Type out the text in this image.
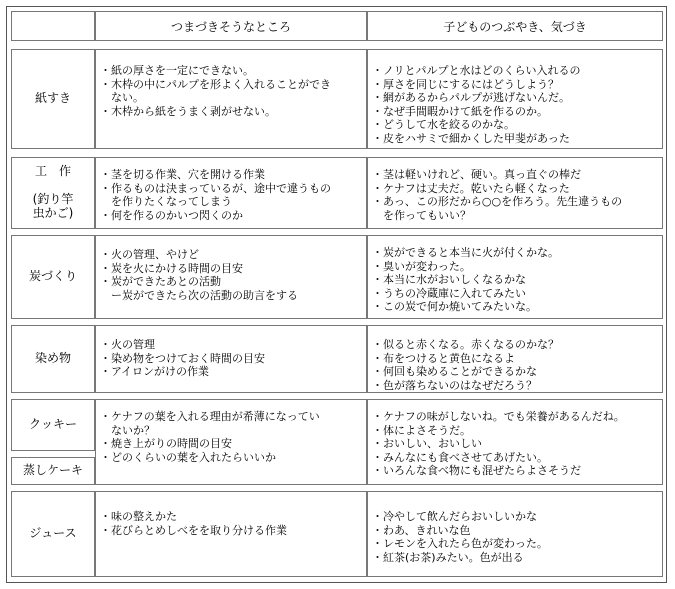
つまづきそうなところ	子どものつぶやき、気づき
紙すき
・紙の厚さを一定にできない。
・木枠の中にパルプを形よく入れることができ
　ない。
・木枠から紙をうまく剥がせない。
・ノリとパルプと水はどのくらい入れるの
・厚さを同じにするにはどうしよう？
・網があるからパルプが逃げないんだ。
・なぜ手間暇かけて紙を作るのか。
・どうして水を絞るのかな。
・皮をハサミで細かくした甲斐があった
工　作
(釣り竿
虫かご)
・茎を切る作業、穴を開ける作業
・作るものは決まっているが、途中で違うもの
　を作りたくなってしまう
・何を作るのかいつ閃くのか
・茎は軽いけれど、硬い。真っ直ぐの棒だ
・ケナフは丈夫だ。乾いたら軽くなった
・あっ、この形だから○○を作ろう。先生違うもの
　を作ってもいい？
炭づくり
・火の管理、やけど
・炭を火にかける時間の目安
・炭ができたあとの活動
　ー炭ができたら次の活動の助言をする
・炭ができると本当に火が付くかな。
・臭いが変わった。
・本当に水がおいしくなるかな
・うちの冷蔵庫に入れてみたい
・この炭で何か焼いてみたいな。
染め物
・火の管理
・染め物をつけておく時間の目安
・アイロンがけの作業
・似ると赤くなる。赤くなるのかな？
・布をつけると黄色になるよ
・何回も染めることができるかな
・色が落ちないのはなぜだろう？
クッキー
蒸しケーキ
・ケナフの葉を入れる理由が希薄になってい
　ないか？
・焼き上がりの時間の目安
・どのくらいの葉を入れたらいいか
・ケナフの味がしないね。でも栄養があるんだね。
・体によさそうだ。
・おいしい、おいしい
・みんなにも食べさせてあげたい。
・いろんな食べ物にも混ぜたらよさそうだ
ジュース
・味の整えかた
・花びらとめしべをを取り分ける作業
・冷やして飲んだらおいしいかな
・わあ、きれいな色
・レモンを入れたら色が変わった。
・紅茶(お茶)みたい。色が出る
